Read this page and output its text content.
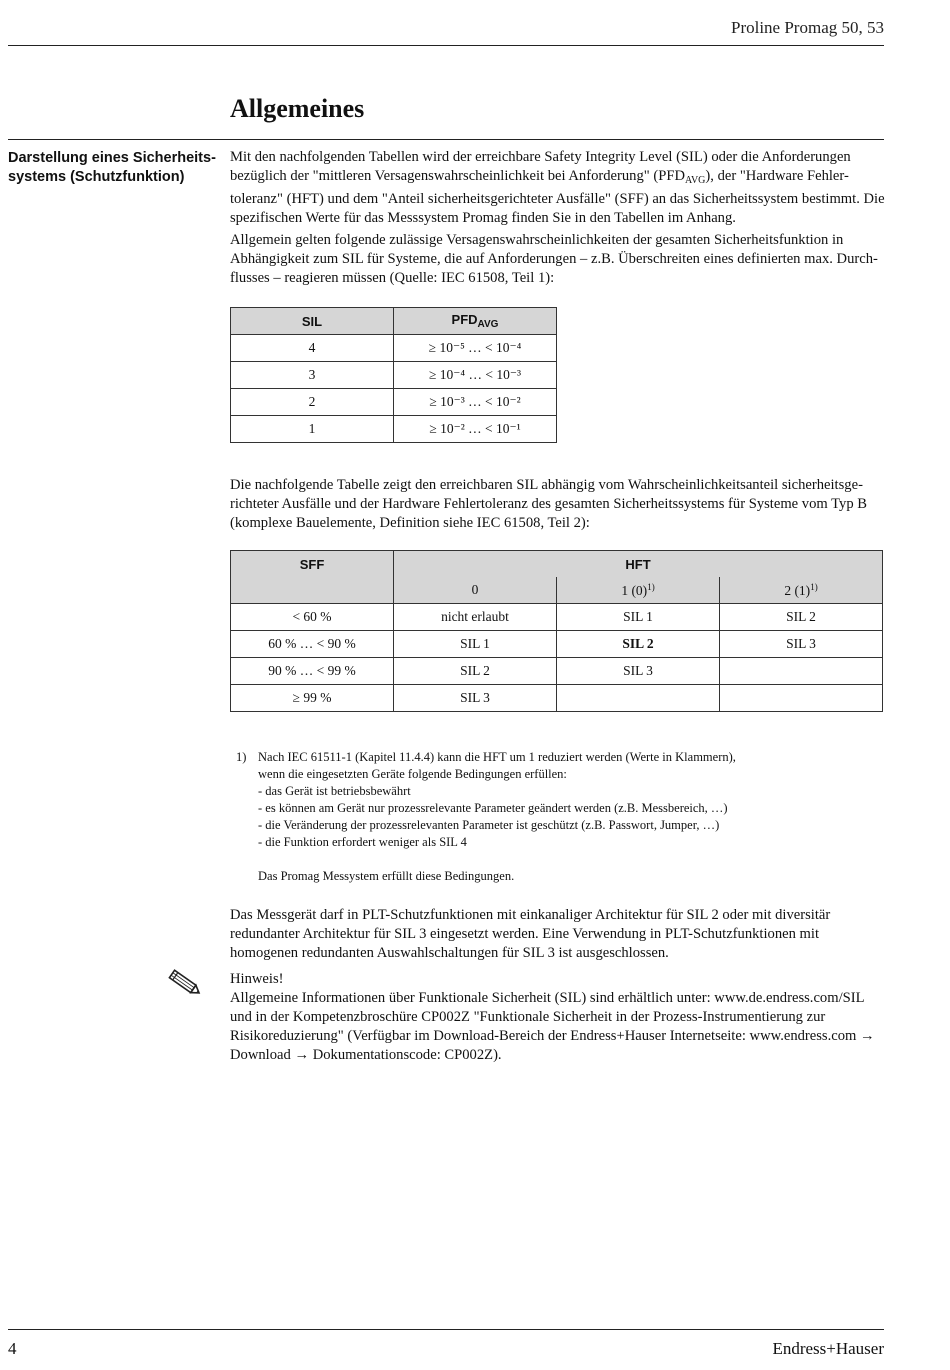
Proline Promag 50, 53
Allgemeines
Darstellung eines Sicherheits-systems (Schutzfunktion)

Mit den nachfolgenden Tabellen wird der erreichbare Safety Integrity Level (SIL) oder die Anforderungen bezüglich der "mittleren Versagenswahrscheinlichkeit bei Anforderung" $(PFD_{AVG})$, der "Hardware Fehler-toleranz" (HFT) und dem "Anteil sicherheitsgerichteter Ausfälle" (SFF) an das Sicherheitssystem bestimmt. Die spezifischen Werte für das Messsystem Promag finden Sie in den Tabellen im Anhang.

Allgemein gelten folgende zulässige Versagenswahrscheinlichkeiten der gesamten Sicherheitsfunktion in Abhängigkeit zum SIL für Systeme, die auf Anforderungen – z.B. Überschreiten eines definierten max. Durch-flusses – reagieren müssen (Quelle: IEC 61508, Teil 1):

SIL	$PFD_{AVG}$
4	≥ 10⁻⁵ … < 10⁻⁴
3	≥ 10⁻⁴ … < 10⁻³
2	≥ 10⁻³ … < 10⁻²
1	≥ 10⁻² … < 10⁻¹

Die nachfolgende Tabelle zeigt den erreichbaren SIL abhängig vom Wahrscheinlichkeitsanteil sicherheitsge-richteter Ausfälle und der Hardware Fehlertoleranz des gesamten Sicherheitssystems für Systeme vom Typ B (komplexe Bauelemente, Definition siehe IEC 61508, Teil 2):

SFF	HFT		
	0	1 $(0)^{1)}$	2 $(1)^{1)}$
< 60 %	nicht erlaubt	SIL 1	SIL 2
60 % … < 90 %	SIL 1	SIL 2	SIL 3
90 % … < 99 %	SIL 2	SIL 3	
≥ 99 %	SIL 3		
1) Nach IEC 61511-1 (Kapitel 11.4.4) kann die HFT um 1 reduziert werden (Werte in Klammern),
wenn die eingesetzten Geräte folgende Bedingungen erfüllen:
- das Gerät ist betriebsbewährt
- es können am Gerät nur prozessrelevante Parameter geändert werden (z.B. Messbereich, …)
- die Veränderung der prozessrelevanten Parameter ist geschützt (z.B. Passwort, Jumper, …)
- die Funktion erfordert weniger als SIL 4
Das Promag Messystem erfüllt diese Bedingungen.

Das Messgerät darf in PLT-Schutzfunktionen mit einkanaliger Architektur für SIL 2 oder mit diversitär redundanter Architektur für SIL 3 eingesetzt werden. Eine Verwendung in PLT-Schutzfunktionen mit homogenen redundanten Auswahlschaltungen für SIL 3 ist ausgeschlossen.

Hinweis!

Allgemeine Informationen über Funktionale Sicherheit (SIL) sind erhältlich unter: www.de.endress.com/SIL und in der Kompetenzbroschüre CP002Z "Funktionale Sicherheit in der Prozess-Instrumentierung zur Risikoreduzierung" (Verfügbar im Download-Bereich der Endress+Hauser Internetseite: www.endress.com → Download → Dokumentationscode: CP002Z).

4	Endress+Hauser
